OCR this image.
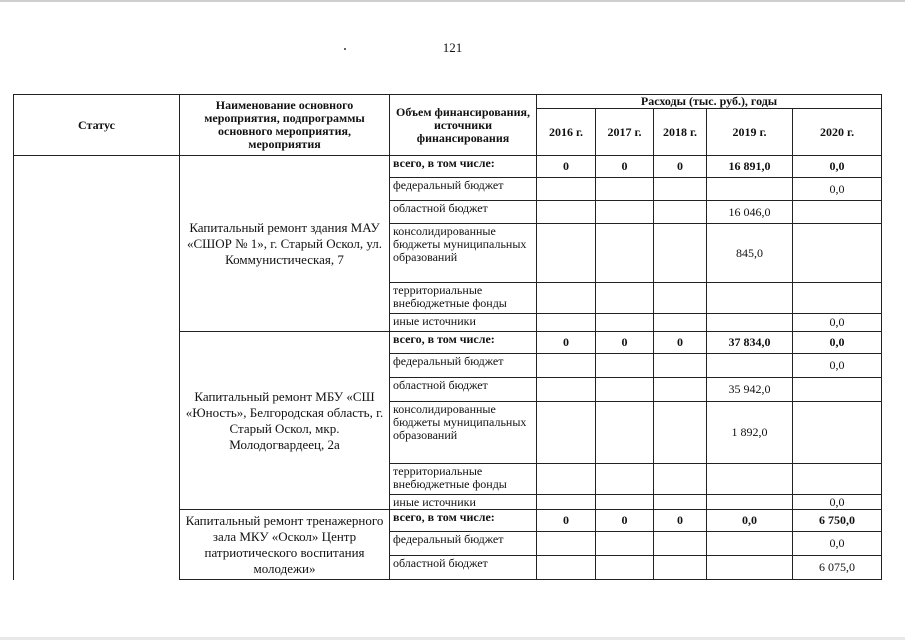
121
Статус	Наименование основного мероприятия, подпрограммы основного мероприятия, мероприятия	Объем финансирования, источники финансирования	Расходы (тыс. руб.), годы				
			2016 г.	2017 г.	2018 г.	2019 г.	2020 г.
	Капитальный ремонт здания МАУ «СШОР № 1», г. Старый Оскол, ул. Коммунистическая, 7	всего, в том числе:	0	0	0	16 891,0	0,0
		федеральный бюджет					0,0
		областной бюджет				16 046,0	
		консолидированные бюджеты муниципальных образований				845,0	
		территориальные внебюджетные фонды					
		иные источники					0,0
	Капитальный ремонт МБУ «СШ «Юность», Белгородская область, г. Старый Оскол, мкр. Молодогвардеец, 2а	всего, в том числе:	0	0	0	37 834,0	0,0
		федеральный бюджет					0,0
		областной бюджет				35 942,0	
		консолидированные бюджеты муниципальных образований				1 892,0	
		территориальные внебюджетные фонды					
		иные источники					0,0
	Капитальный ремонт тренажерного зала МКУ «Оскол» Центр патриотического воспитания молодежи»	всего, в том числе:	0	0	0	0,0	6 750,0
		федеральный бюджет					0,0
		областной бюджет					6 075,0
